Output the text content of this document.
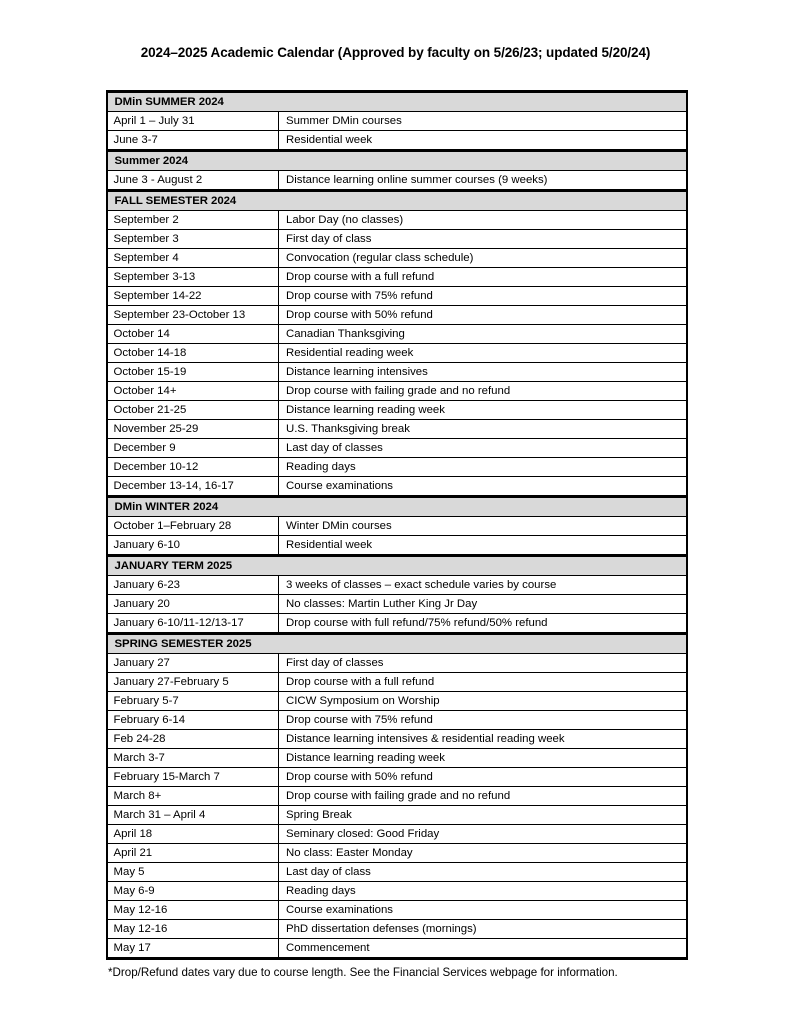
2024–2025 Academic Calendar (Approved by faculty on 5/26/23; updated 5/20/24)
DMin SUMMER 2024	
April 1 – July 31	Summer DMin courses
June 3-7	Residential week
Summer 2024	
June 3 - August 2	Distance learning online summer courses (9 weeks)
FALL SEMESTER 2024	
September 2	Labor Day (no classes)
September 3	First day of class
September 4	Convocation (regular class schedule)
September 3-13	Drop course with a full refund
September 14-22	Drop course with 75% refund
September 23-October 13	Drop course with 50% refund
October 14	Canadian Thanksgiving
October 14-18	Residential reading week
October 15-19	Distance learning intensives
October 14+	Drop course with failing grade and no refund
October 21-25	Distance learning reading week
November 25-29	U.S. Thanksgiving break
December 9	Last day of classes
December 10-12	Reading days
December 13-14, 16-17	Course examinations
DMin WINTER 2024	
October 1–February 28	Winter DMin courses
January 6-10	Residential week
JANUARY TERM 2025	
January 6-23	3 weeks of classes – exact schedule varies by course
January 20	No classes: Martin Luther King Jr Day
January 6-10/11-12/13-17	Drop course with full refund/75% refund/50% refund
SPRING SEMESTER 2025	
January 27	First day of classes
January 27-February 5	Drop course with a full refund
February 5-7	CICW Symposium on Worship
February 6-14	Drop course with 75% refund
Feb 24-28	Distance learning intensives & residential reading week
March 3-7	Distance learning reading week
February 15-March 7	Drop course with 50% refund
March 8+	Drop course with failing grade and no refund
March 31 – April 4	Spring Break
April 18	Seminary closed: Good Friday
April 21	No class: Easter Monday
May 5	Last day of class
May 6-9	Reading days
May 12-16	Course examinations
May 12-16	PhD dissertation defenses (mornings)
May 17	Commencement
*Drop/Refund dates vary due to course length. See the Financial Services webpage for information.
